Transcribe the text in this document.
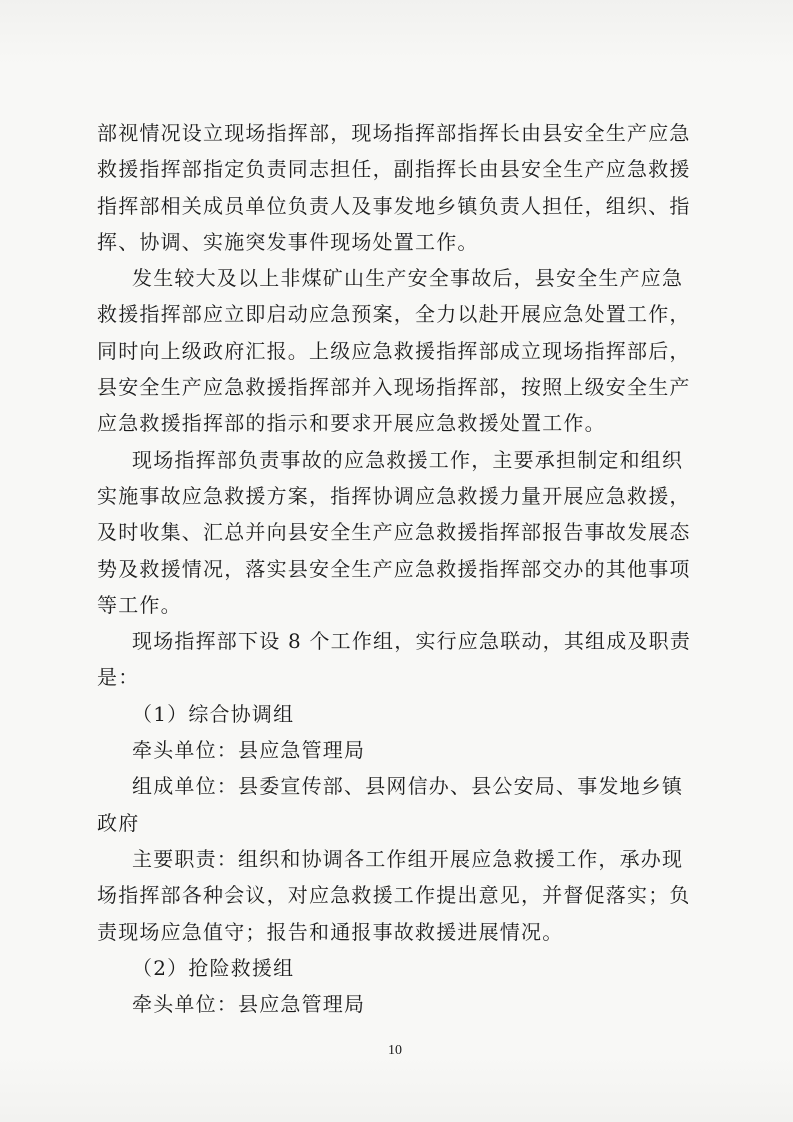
部视情况设立现场指挥部，现场指挥部指挥长由县安全生产应急
救援指挥部指定负责同志担任，副指挥长由县安全生产应急救援
指挥部相关成员单位负责人及事发地乡镇负责人担任，组织、指
挥、协调、实施突发事件现场处置工作。
发生较大及以上非煤矿山生产安全事故后，县安全生产应急
救援指挥部应立即启动应急预案，全力以赴开展应急处置工作，
同时向上级政府汇报。上级应急救援指挥部成立现场指挥部后，
县安全生产应急救援指挥部并入现场指挥部，按照上级安全生产
应急救援指挥部的指示和要求开展应急救援处置工作。
现场指挥部负责事故的应急救援工作，主要承担制定和组织
实施事故应急救援方案，指挥协调应急救援力量开展应急救援，
及时收集、汇总并向县安全生产应急救援指挥部报告事故发展态
势及救援情况，落实县安全生产应急救援指挥部交办的其他事项
等工作。
现场指挥部下设 8 个工作组，实行应急联动，其组成及职责
是：
（1）综合协调组
牵头单位：县应急管理局
组成单位：县委宣传部、县网信办、县公安局、事发地乡镇
政府
主要职责：组织和协调各工作组开展应急救援工作，承办现
场指挥部各种会议，对应急救援工作提出意见，并督促落实；负
责现场应急值守；报告和通报事故救援进展情况。
（2）抢险救援组
牵头单位：县应急管理局
10
